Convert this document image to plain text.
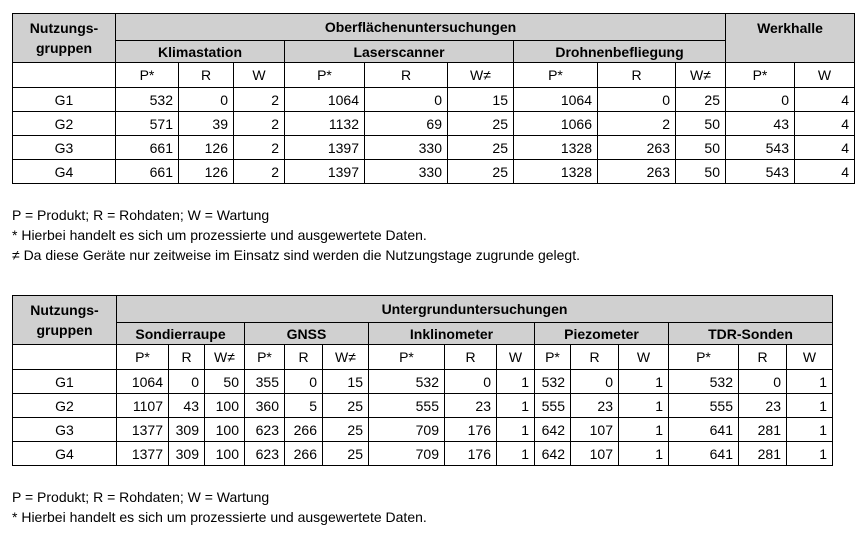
Nutzungs-
gruppen	Oberflächenuntersuchungen									Werkhalle	
	Klimastation			Laserscanner			Drohnenbefliegung				
	P*	R	W	P*	R	W≠	P*	R	W≠	P*	W
G1	532	0	2	1064	0	15	1064	0	25	0	4
G2	571	39	2	1132	69	25	1066	2	50	43	4
G3	661	126	2	1397	330	25	1328	263	50	543	4
G4	661	126	2	1397	330	25	1328	263	50	543	4
P = Produkt; R = Rohdaten; W = Wartung
* Hierbei handelt es sich um prozessierte und ausgewertete Daten.
≠ Da diese Geräte nur zeitweise im Einsatz sind werden die Nutzungstage zugrunde gelegt.
Nutzungs-
gruppen	Untergrunduntersuchungen														
	Sondierraupe			GNSS			Inklinometer			Piezometer			TDR-Sonden		
	P*	R	W≠	P*	R	W≠	P*	R	W	P*	R	W	P*	R	W
G1	1064	0	50	355	0	15	532	0	1	532	0	1	532	0	1
G2	1107	43	100	360	5	25	555	23	1	555	23	1	555	23	1
G3	1377	309	100	623	266	25	709	176	1	642	107	1	641	281	1
G4	1377	309	100	623	266	25	709	176	1	642	107	1	641	281	1
P = Produkt; R = Rohdaten; W = Wartung
* Hierbei handelt es sich um prozessierte und ausgewertete Daten.
